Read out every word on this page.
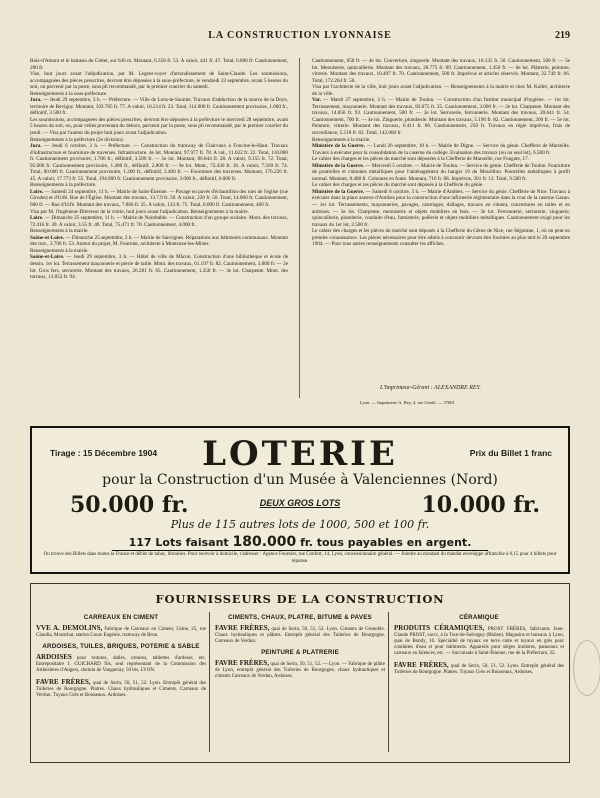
LA CONSTRUCTION LYONNAISE	219

Bois-d'Amont et le hameau du Crêtet, sur 636 m. Montant, 6.358 fr. 53. A valoir, 441 fr. 47. Total, 6.800 fr. Cautionnement, 200 fr.

Vise, huit jours avant l'adjudication, par M. Legent-voyer d'arrondissement de Saint-Claude. Les soumissions, accompagnées des pièces prescrites, devront être déposées à la sous-préfecture, le vendredi 23 septembre, avant 5 heures du soir, ou parvenir par la poste, sous pli recommandé, par le premier courrier du samedi.

Renseignements à la sous-préfecture.

Jura. — Jeudi 29 septembre, 3 h. — Préfecture. — Ville de Lons-le-Saunier. Travaux d'adduction de la source de la Doye, territoire de Revigny. Montant, 103.785 fr. 77. A valoir, 10.214 fr. 23. Total, 114.000 fr. Cautionnement provisoire, 1.000 fr., définitif, 3.500 fr.

Les soumissions, accompagnées des pièces prescrites, devront être déposées à la préfecture le mercredi 28 septembre, avant 5 heures du soir, ou, pour celles provenant du dehors, parvenir par la poste, sous pli recommandé, par le premier courrier du jeudi. — Visa par l'auteur du projet huit jours avant l'adjudication.

Renseignements à la préfecture (2e division).

Jura. — Jeudi 6 octobre, 2 h. — Préfecture. — Construction du tramway de Clairvaux à Foncine-le-Haut. Travaux d'infrastructure et fourniture de traverses. Infrastructure. 4e lot. Montant, 97.977 fr. 78. A val., 11.022 fr. 22. Total, 110.000 fr. Cautionnement provisoire, 1.700 fr., définitif, 3.500 fr. — 5e lot. Montant, 86.844 fr. 28. A valoir, 9.155 fr. 72. Total, 95.000 fr. Cautionnement provisoire, 1.400 fr., définitif, 2.800 fr. — 9e lot. Mont., 72.430 fr. 16. A valoir, 7.569 fr. 74. Total, 80.000 fr. Cautionnement provisoire, 1.200 fr., définitif, 2.400 fr. — Fourniture des traverses. Montant, 176.226 fr. 45. A valoir, 17.773 fr. 55. Total, 194.000 fr. Cautionnement provisoire, 3.000 fr., définitif, 6.000 fr.

Renseignements à la préfecture.

Loire. — Samedi 24 septembre, 11 h. — Mairie de Saint-Étienne. — Pavage en pavés d'échantillon des rues de l'église (rue Girodet) et d'Urfé. Rue de l'Église. Montant des travaux, 13.7.9 fr. 50. A valoir, 220 fr. 50. Total, 14.000 fr. Cautionnement, 600 fr. — Rue d'Urfé. Montant des travaux, 7.866 fr. 25. A valoir, 133 fr. 75. Total, 8.000 fr. Cautionnement, 400 fr.

Visa par M. l'Ingénieur-Directeur de la voirie, huit jours avant l'adjudication. Renseignements à la mairie.

Loire. — Dimanche 25 septembre, 11 h. — Mairie de Noirétable. — Construction d'un groupe scolaire. Mont. des travaux, 72.416 fr. 30. A valoir, 3.55 fr. 40. Total, 75.471 fr. 70. Cautionnement, 4.000 fr.

Renseignements à la mairie.

Saône-et-Loire. — Dimanche 25 septembre, 2 h. — Mairie de Sanvignes. Réparations aux bâtiments communaux. Montant des trav., 3.700 fr. 53. Auteur du projet, M. Fournier, architecte à Montceau-les-Mines.

Renseignements à la mairie.

Saône-et-Loire. — Jeudi 29 septembre, 3 h. — Hôtel de ville de Mâcon. Construction d'une bibliothèque et école de dessin. 1er lot. Terrassement maçonnerie et pierre de taille. Mont. des travaux, 61.197 fr. 82. Cautionnement, 3.000 fr. — 2e lot. Gros fers, serrurerie. Montant des travaux, 26.201 fr. 65. Cautionnement, 1.250 fr. — 3e lot. Charpente. Mont. des travaux, 13.053 fr. 94.

Cautionnement, 650 fr. — 4e lot. Couverture, zinguerie. Montant des travaux, 10.135 fr. 50. Cautionnement, 500 fr. — 5e lot. Menuiserie, quincaillerie. Montant des travaux, 28.775 fr. 89. Cautionnement, 1.450 fr. — 6e lot. Plâtrerie, peinture, vitrerie. Montant des travaux, 10.497 fr. 70. Cautionnement, 500 fr. Imprévus et articles réservés. Montant, 22.749 fr. 66. Total, 172.264 fr. 56.

Visa par l'architecte de la ville, huit jours avant l'adjudication. — Renseignements à la mairie et chez M. Koller, architecte de la ville.

Var. — Mardi 27 septembre, 2 h. — Mairie de Toulon. — Construction d'un Institut municipal d'hygiène. — 1er lot. Terrassement, maçonnerie. Montant des travaux, 83.075 fr. 25. Cautionnement, 3.000 fr. — 2e lot. Charpente. Montant des travaux, 14.856 fr. 93. Cautionnement, 500 fr. — 3e lot. Serrurerie, ferronnerie. Montant des travaux, 20.641 fr. 54. Cautionnement, 700 fr. — 4e lot. Zinguerie, plomberie. Montant des travaux, 5.190 fr. 82. Cautionnement, 200 fr. — 5e lot. Peinture, vitrerie. Montant des travaux, 6.411 fr. 06. Cautionnement, 250 fr. Travaux en régie imprévus, frais de surveillance, 5.518 fr. 82. Total, 142.000 fr.

Renseignements à la mairie.

Ministère de la Guerre. — Lundi 26 septembre, 10 h. — Mairie de Digne. — Service du génie. Chefferie de Marseille. Travaux à exécuter pour la consolidation de la caserne du collège. Evaluation des travaux (ou un seul lot), 6.500 fr.

Le cahier des charges et les pièces du marché sont déposées à la Chefferie de Marseille, rue Fongate, 17.

Ministère de la Guerre. — Mercredi 5 octobre. — Mairie de Toulon. — Service du génie. Chefferie de Toulon. Fourniture de poutrelles et colonnes métalliques pour l'aménagement du hangar 19 du Mourillon. Poutrelles métalliques à profil normal. Montant, 8.488 fr. Colonnes en fonte. Montant, 710 fr. 88. Imprévus, 301 fr. 12. Total, 9.500 fr.

Le cahier des charges et les pièces du marché sont déposés à la Chefferie du génie.

Ministère de la Guerre. — Samedi 8 octobre, 3 h. — Mairie d'Antibes. — Service du génie. Chefferie de Nice. Travaux à exécuter dans la place annexe d'Antibes pour la construction d'une infirmerie régimentaire dans la cour de la caserne Gazan. — 1er lot. Terrassements, maçonneries, pavages, carrelages, dallages, travaux en ciment, couvertures en tuiles et en ardoises. — 2e lot. Charpente, menuiserie et objets mobiliers en bois. — 3e lot. Ferronnerie, serrurerie, zinguerie, quincaillerie, plomberie, conduite d'eau, fumisterie, poêlerie et objets mobiliers métalliques. Cautionnement exigé pour les travaux du 1er lot, 2.500 fr.

Le cahier des charges et les pièces du marché sont déposés à la Chefferie du Génie de Nice, rue Ségurane, 1, où on peut en prendre connaissance. Les pièces nécessaires pour être admis à concourir devront être fournies au plus tard le 20 septembre 1904. — Pour tous autres renseignements consulter les affiches.

L'Imprimeur-Gérant : ALEXANDRE REY.
Lyon. — Imprimerie A. Rey, 4, rue Gentil. — 37001
Tirage : 15 Décembre 1904	LOTERIE	Prix du Billet 1 franc
pour la Construction d'un Musée à Valenciennes (Nord)
50.000 fr.	DEUX GROS LOTS	10.000 fr.
Plus de 115 autres lots de 1000, 500 et 100 fr.
117 Lots faisant 180.000 fr. tous payables en argent.
On trouve des Billets dans toutes la France et débits de tabac, librairies. Pour recevoir à domicile, s'adresser : Agence Fournier, rue Confort, 14, Lyon, concessionnaire général. — Joindre au montant du mandat enveloppe affranchie à 0,15 pour 4 billets pour réponse.
FOURNISSEURS DE LA CONSTRUCTION
CARREAUX EN CIMENT
VVE A. DEMOLINS, Fabrique de Carreaux en Ciment, Usine, 25, rue Claudia, Montchat, station Cours Eugénie, tramway de Bron.
ARDOISES, TUILES, BRIQUES, POTERIE & SABLE
ARDOISES pour toitures, dalles, ornures, tablettes d'ardoise, etc. Entrepositaire J. GUICHARD fils, seul représentant de la Commission des Ardoisières d'Angers, chemin de Vaugneray, 50 bis, LYON.
FAVRE FRÈRES, quai de Serin, 50, 51, 52. Lyon. Entrepôt général des Tuileries de Bourgogne. Platres. Chaux hydrauliques et Ciments. Carreaux de Verdun. Tuyaux Grès et Boisseaux. Ardoises.
CIMENTS, CHAUX, PLATRE, BITUME & PAVES
FAVRE FRÈRES, quai de Serin, 50, 51, 52. Lyon. Ciments de Grenoble. Chaux hydrauliques et plâtres. Entrepôt général des Tuileries de Bourgogne. Carreaux de Verdun.
PEINTURE & PLATRERIE
FAVRE FRÈRES, quai de Serin, 50, 51, 52. — Lyon. — Fabrique de plâtre de Lyon, entrepôt général des Tuileries de Bourgogne, chaux hydrauliques et ciments Carreaux de Verdun, Ardoises.
CÉRAMIQUE
PRODUITS CÉRAMIQUES, PROST FRÈRES, fabricants Jean-Claude PROST, succt, à la Tour-de-Salvagny (Rhône). Magasins et bureaux à Lyon, quai de Bondy, 16. Spécialité de tuyaux en terre cuite et tuyaux en grès pour conduites d'eau et pour bâtiments. Appareils pour sièges inodores, panneaux et carreaux en faïences, etc. — Succursale à Saint-Étienne, rue de la Préfecture, 22.
FAVRE FRÈRES, quai de Serin, 50, 51, 52. Lyon. Entrepôt général des Tuileries de Bourgogne. Platres. Tuyaux Grès et Boisseaux, Ardoises.
